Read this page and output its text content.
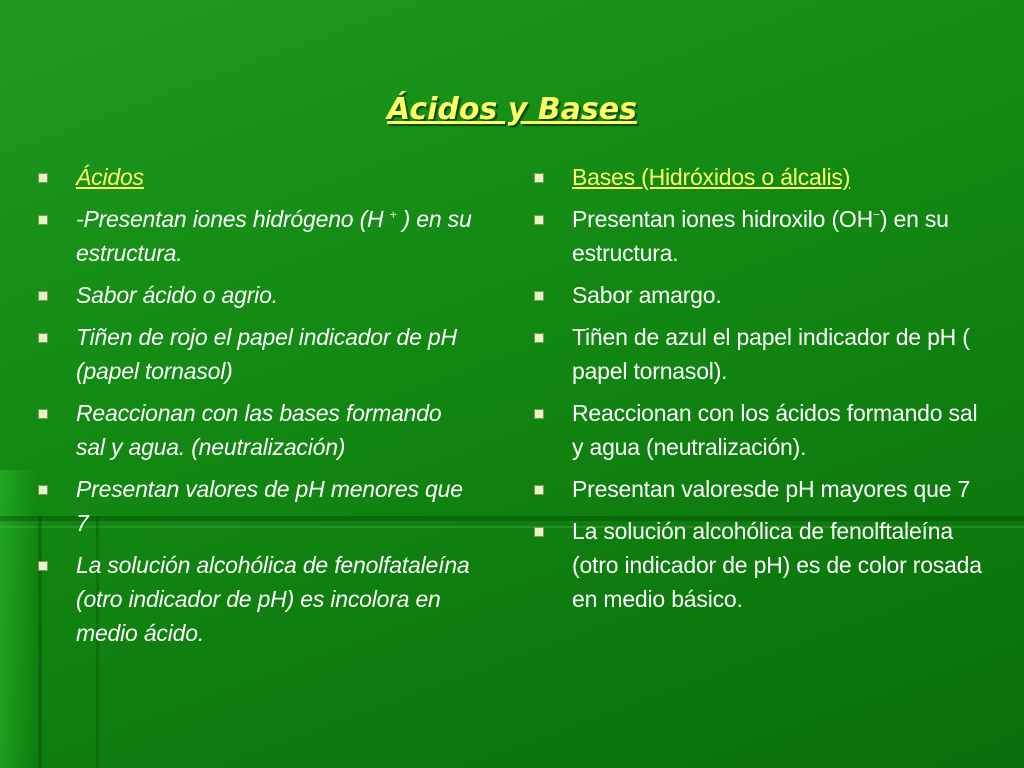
Ácidos y Bases
Ácidos
-Presentan iones hidrógeno (H + ) en su estructura.
Sabor ácido o agrio.
Tiñen de rojo el papel indicador de pH (papel tornasol)
Reaccionan con las bases formando sal y agua. (neutralización)
Presentan valores de pH menores que 7
La solución alcohólica de fenolfataleína (otro indicador de pH) es incolora en medio ácido.
Bases (Hidróxidos o álcalis)
Presentan iones hidroxilo (OH−) en su estructura.
Sabor amargo.
Tiñen de azul el papel indicador de pH ( papel tornasol).
Reaccionan con los ácidos formando sal y agua (neutralización).
Presentan valoresde pH mayores que 7
La solución alcohólica de fenolftaleína (otro indicador de pH) es de color rosada en medio básico.
